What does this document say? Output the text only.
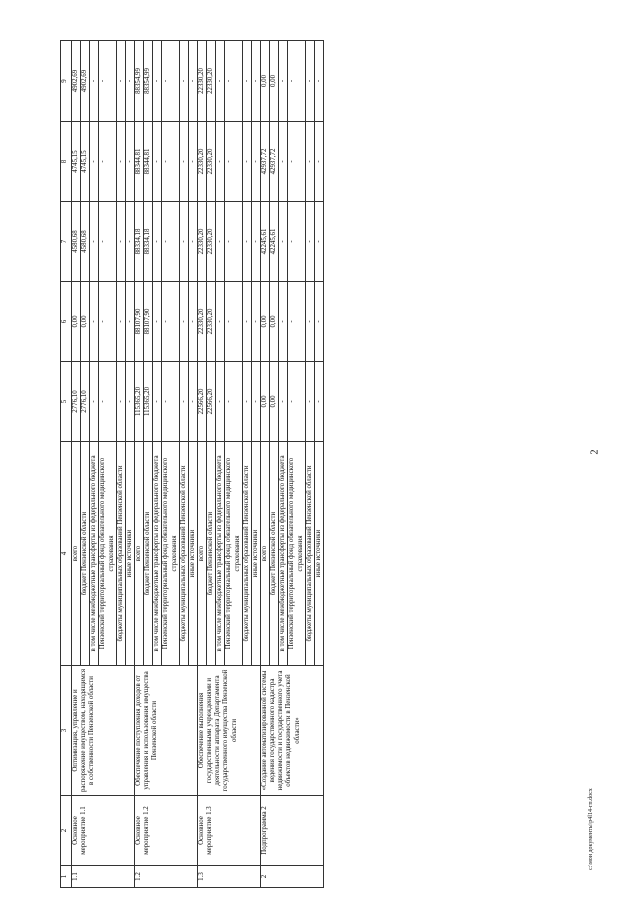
2
1	2	3	4	5	6	7	8	9
1.1	Основное мероприятие 1.1	Оптимизация, управление и распоряжение имуществом, находящимся в собственности Пензенской области	всего	2776,10	0,00	4580,68	4745,15	4902,69
			бюджет Пензенской области	2776,10	0,00	4580,68	4745,15	4902,69
			в том числе межбюджетные трансферты из федерального бюджета	-	-	-	-	-
			Пензенский территориальный фонд обязательного медицинского страхования	-	-	-	-	-
			бюджеты муниципальных образований Пензенской области	-	-	-	-	-
			иные источники	-	-	-	-	-
1.2	Основное мероприятие 1.2	Обеспечение поступления доходов от управления и использования имущества Пензенской области	всего	115365,20	88107,90	88334,18	88344,81	88354,99
			бюджет Пензенской области	115365,20	88107,90	88334,18	88344,81	88354,99
			в том числе межбюджетные трансферты из федерального бюджета	-	-	-	-	-
			Пензенский территориальный фонд обязательного медицинского страхования	-	-	-	-	-
			бюджеты муниципальных образований Пензенской области	-	-	-	-	-
			иные источники	-	-	-	-	-
1.3	Основное мероприятие 1.3	Обеспечение выполнения государственными учреждениями и деятельности аппарата Департамента государственного имущества Пензенской области	всего	22566,20	22330,20	22330,20	22330,20	22330,20
			бюджет Пензенской области	22566,20	22330,20	22330,20	22330,20	22330,20
			в том числе межбюджетные трансферты из федерального бюджета	-	-	-	-	-
			Пензенский территориальный фонд обязательного медицинского страхования	-	-	-	-	-
			бюджеты муниципальных образований Пензенской области	-	-	-	-	-
			иные источники	-	-	-	-	-
2	Подпрограмма 2	«Создание автоматизированной системы ведения государственного кадастра недвижимости и государственного учета объектов недвижимости в Пензенской области»	всего	0,00	0,00	42245,61	42937,72	0,00
			бюджет Пензенской области	0,00	0,00	42245,61	42937,72	0,00
			в том числе межбюджетные трансферты из федерального бюджета	-	-	-	-	-
			Пензенский территориальный фонд обязательного медицинского страхования	-	-	-	-	-
			бюджеты муниципальных образований Пензенской области	-	-	-	-	-
			иные источники	-	-	-	-	-
c:\мои документы\p4l14-гп.docx
